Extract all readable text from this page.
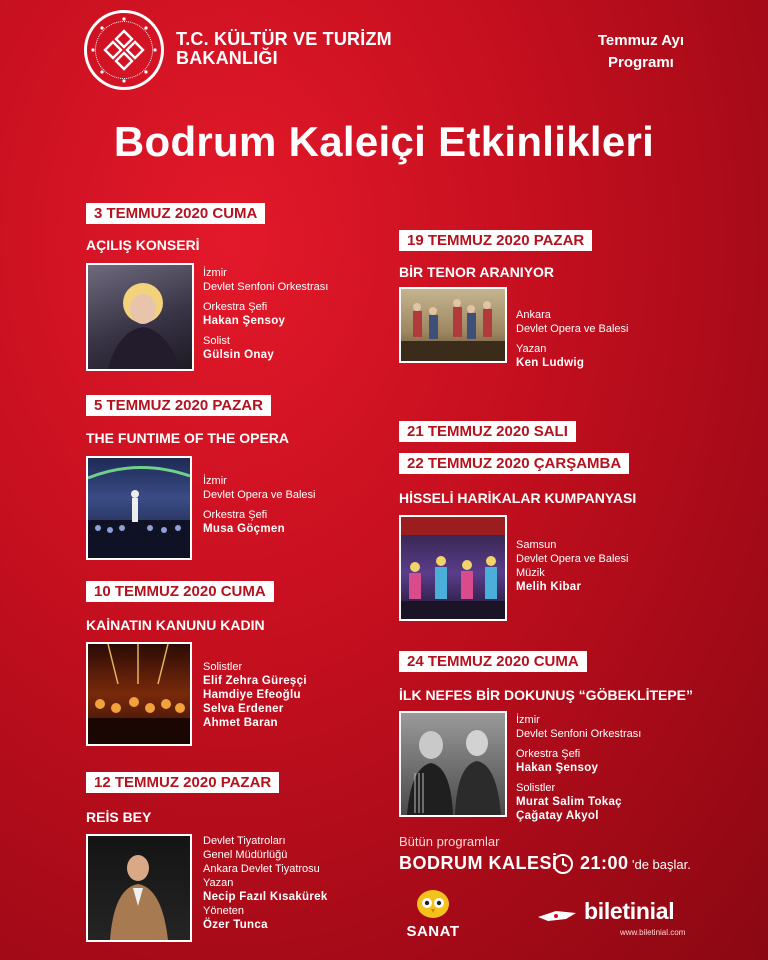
T.C. KÜLTÜR VE TURİZM
BAKANLIĞI
Temmuz Ayı
Programı
Bodrum Kaleiçi Etkinlikleri
3 TEMMUZ 2020 CUMA
AÇILIŞ KONSERİ
İzmir
Devlet Senfoni Orkestrası
Orkestra Şefi
Hakan Şensoy
Solist
Gülsin Onay
5 TEMMUZ 2020 PAZAR
THE FUNTIME OF THE OPERA
İzmir
Devlet Opera ve Balesi
Orkestra Şefi
Musa Göçmen
10 TEMMUZ 2020 CUMA
KAİNATIN KANUNU KADIN
Solistler
Elif Zehra Güreşçi
Hamdiye Efeoğlu
Selva Erdener
Ahmet Baran
12 TEMMUZ 2020 PAZAR
REİS BEY
Devlet Tiyatroları
Genel Müdürlüğü
Ankara Devlet Tiyatrosu
Yazan
Necip Fazıl Kısakürek
Yöneten
Özer Tunca
19 TEMMUZ 2020 PAZAR
BİR TENOR ARANIYOR
Ankara
Devlet Opera ve Balesi
Yazan
Ken Ludwig
21 TEMMUZ 2020 SALI
22 TEMMUZ 2020 ÇARŞAMBA
HİSSELİ HARİKALAR KUMPANYASI
Samsun
Devlet Opera ve Balesi
Müzik
Melih Kibar
24 TEMMUZ 2020 CUMA
İLK NEFES BİR DOKUNUŞ “GÖBEKLİTEPE”
İzmir
Devlet Senfoni Orkestrası
Orkestra Şefi
Hakan Şensoy
Solistler
Murat Salim Tokaç
Çağatay Akyol
Bütün programlar
BODRUM KALESİ 21:00 'de başlar.
SANAT
biletinial
www.biletinial.com
